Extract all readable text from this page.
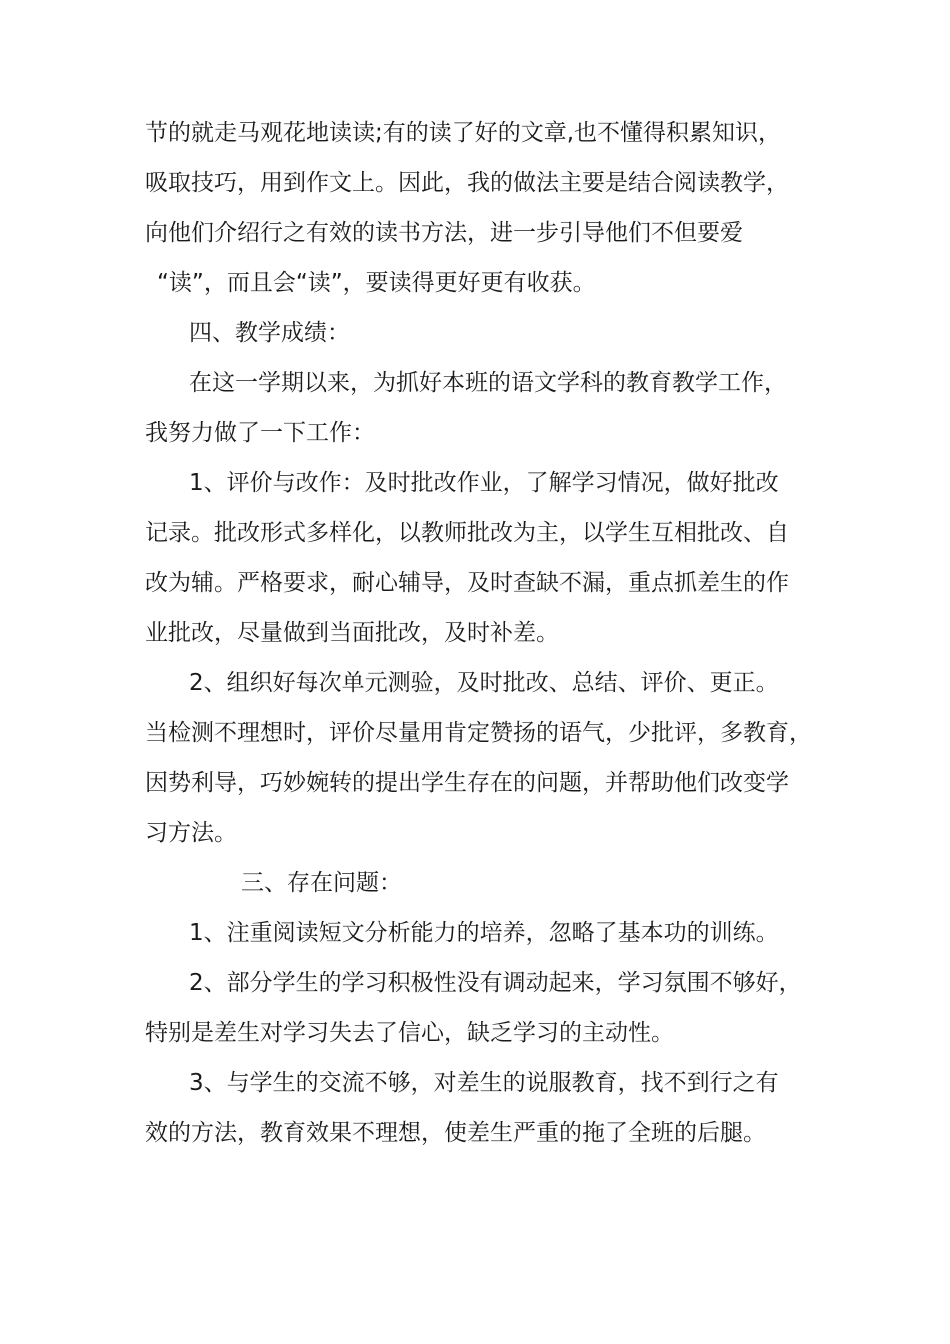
节的就走马观花地读读;有的读了好的文章,也不懂得积累知识，
吸取技巧，用到作文上。因此，我的做法主要是结合阅读教学，
向他们介绍行之有效的读书方法，进一步引导他们不但要爱
“读”，而且会“读”，要读得更好更有收获。
四、教学成绩：
在这一学期以来，为抓好本班的语文学科的教育教学工作，
我努力做了一下工作：
1、评价与改作：及时批改作业，了解学习情况，做好批改
记录。批改形式多样化，以教师批改为主，以学生互相批改、自
改为辅。严格要求，耐心辅导，及时查缺不漏，重点抓差生的作
业批改，尽量做到当面批改，及时补差。
2、组织好每次单元测验，及时批改、总结、评价、更正。
当检测不理想时，评价尽量用肯定赞扬的语气，少批评，多教育，
因势利导，巧妙婉转的提出学生存在的问题，并帮助他们改变学
习方法。
三、存在问题：
1、注重阅读短文分析能力的培养，忽略了基本功的训练。
2、部分学生的学习积极性没有调动起来，学习氛围不够好，
特别是差生对学习失去了信心，缺乏学习的主动性。
3、与学生的交流不够，对差生的说服教育，找不到行之有
效的方法，教育效果不理想，使差生严重的拖了全班的后腿。
